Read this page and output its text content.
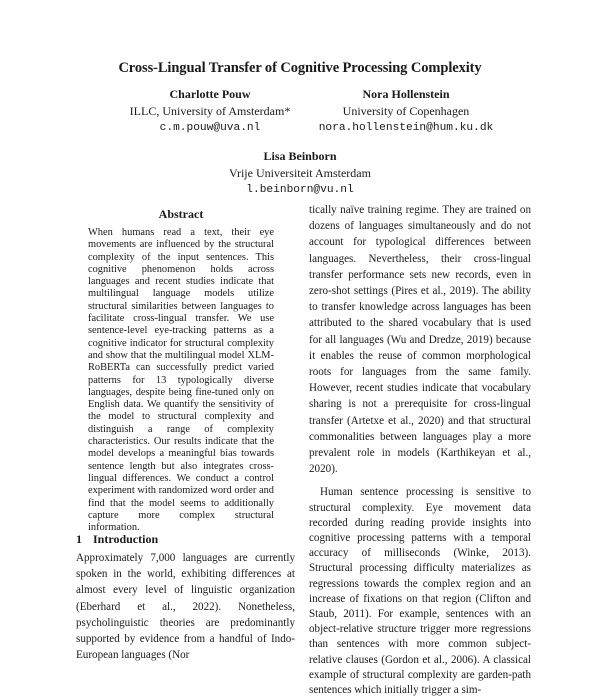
Cross-Lingual Transfer of Cognitive Processing Complexity
Charlotte Pouw
ILLC, University of Amsterdam*
c.m.pouw@uva.nl
Nora Hollenstein
University of Copenhagen
nora.hollenstein@hum.ku.dk
Lisa Beinborn
Vrije Universiteit Amsterdam
l.beinborn@vu.nl
Abstract

When humans read a text, their eye movements are influenced by the structural complexity of the input sentences. This cognitive phenomenon holds across languages and recent studies indicate that multilingual language models utilize structural similarities between languages to facilitate cross-lingual transfer. We use sentence-level eye-tracking patterns as a cognitive indicator for structural complexity and show that the multilingual model XLM-RoBERTa can successfully predict varied patterns for 13 typologically diverse languages, despite being fine-tuned only on English data. We quantify the sensitivity of the model to structural complexity and distinguish a range of complexity characteristics. Our results indicate that the model develops a meaningful bias towards sentence length but also integrates cross-lingual differences. We conduct a control experiment with randomized word order and find that the model seems to additionally capture more complex structural information.

1 Introduction

Approximately 7,000 languages are currently spoken in the world, exhibiting differences at almost every level of linguistic organization (Eberhard et al., 2022). Nonetheless, psycholinguistic theories are predominantly supported by evidence from a handful of Indo-European languages (Nor

tically naïve training regime. They are trained on dozens of languages simultaneously and do not account for typological differences between languages. Nevertheless, their cross-lingual transfer performance sets new records, even in zero-shot settings (Pires et al., 2019). The ability to transfer knowledge across languages has been attributed to the shared vocabulary that is used for all languages (Wu and Dredze, 2019) because it enables the reuse of common morphological roots for languages from the same family. However, recent studies indicate that vocabulary sharing is not a prerequisite for cross-lingual transfer (Artetxe et al., 2020) and that structural commonalities between languages play a more prevalent role in models (Karthikeyan et al., 2020).

Human sentence processing is sensitive to structural complexity. Eye movement data recorded during reading provide insights into cognitive processing patterns with a temporal accuracy of milliseconds (Winke, 2013). Structural processing difficulty materializes as regressions towards the complex region and an increase of fixations on that region (Clifton and Staub, 2011). For example, sentences with an object-relative structure trigger more regressions than sentences with more common subject-relative clauses (Gordon et al., 2006). A classical example of structural complexity are garden-path sentences which initially trigger a sim-
